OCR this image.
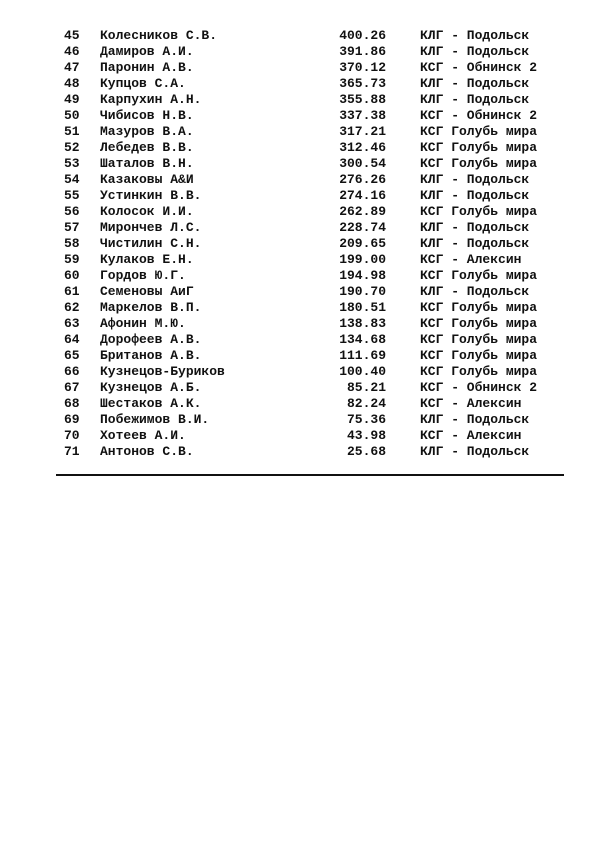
45 Колесников С.В.	400.26	КЛГ - Подольск
46 Дамиров А.И.	391.86	КЛГ - Подольск
47 Паронин А.В.	370.12	КСГ - Обнинск 2
48 Купцов С.А.	365.73	КЛГ - Подольск
49 Карпухин А.Н.	355.88	КЛГ - Подольск
50 Чибисов Н.В.	337.38	КСГ - Обнинск 2
51 Мазуров В.А.	317.21	КСГ Голубь мира
52 Лебедев В.В.	312.46	КСГ Голубь мира
53 Шаталов В.Н.	300.54	КСГ Голубь мира
54 Казаковы А&И	276.26	КЛГ - Подольск
55 Устинкин В.В.	274.16	КЛГ - Подольск
56 Колосок И.И.	262.89	КСГ Голубь мира
57 Мирончев Л.С.	228.74	КЛГ - Подольск
58 Чистилин С.Н.	209.65	КЛГ - Подольск
59 Кулаков Е.Н.	199.00	КСГ - Алексин
60 Гордов Ю.Г.	194.98	КСГ Голубь мира
61 Семеновы АиГ	190.70	КЛГ - Подольск
62 Маркелов В.П.	180.51	КСГ Голубь мира
63 Афонин М.Ю.	138.83	КСГ Голубь мира
64 Дорофеев А.В.	134.68	КСГ Голубь мира
65 Британов А.В.	111.69	КСГ Голубь мира
66 Кузнецов-Буриков	100.40	КСГ Голубь мира
67 Кузнецов А.Б.	85.21	КСГ - Обнинск 2
68 Шестаков А.К.	82.24	КСГ - Алексин
69 Побежимов В.И.	75.36	КЛГ - Подольск
70 Хотеев А.И.	43.98	КСГ - Алексин
71 Антонов С.В.	25.68	КЛГ - Подольск
